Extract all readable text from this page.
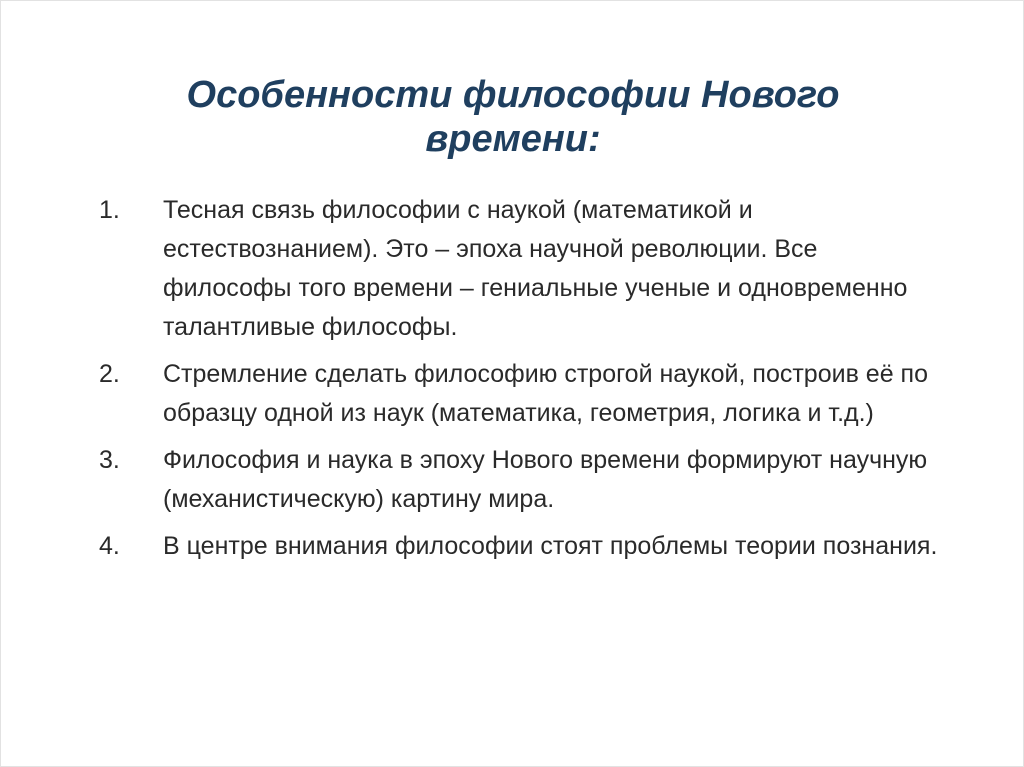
Особенности философии Нового
времени:
1.	Тесная связь философии с наукой (математикой и естествознанием). Это – эпоха научной революции. Все философы того времени – гениальные ученые и одновременно талантливые философы.
2.	Стремление сделать философию строгой наукой, построив её по образцу одной из наук (математика, геометрия, логика и т.д.)
3.	Философия и наука в эпоху Нового времени формируют научную (механистическую) картину мира.
4.	В центре внимания философии стоят проблемы теории познания.
